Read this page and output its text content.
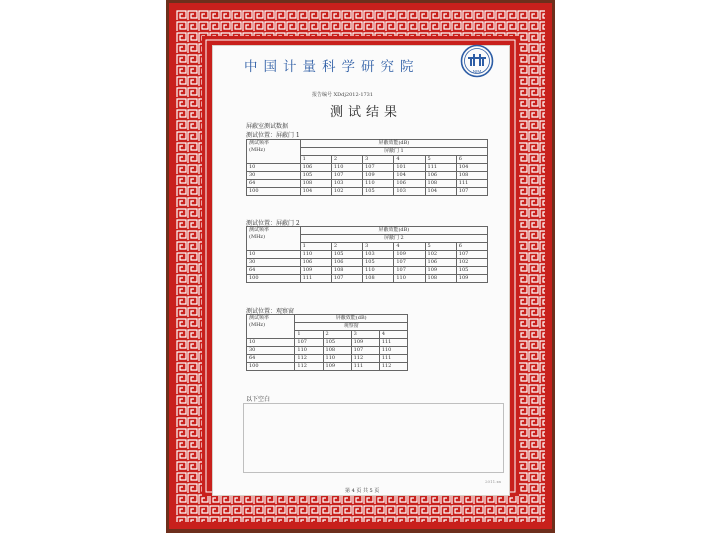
中国计量科学研究院	NIM
报告编号 XDdj2012-1731
测试结果
屏蔽室测试数据
测试位置：屏蔽门 1
测试频率
(MHz)	屏蔽效能(dB)					
	屏蔽门 1					
	1	2	3	4	5	6
10	106	110	107	101	111	104
30	105	107	109	104	106	108
64	108	103	110	106	108	111
100	104	102	105	103	104	107
测试位置：屏蔽门 2
测试频率
(MHz)	屏蔽效能(dB)					
	屏蔽门 2					
	1	2	3	4	5	6
10	110	105	103	109	102	107
30	106	106	105	107	106	102
64	109	108	110	107	109	105
100	111	107	108	110	108	109
测试位置：观察窗
测试频率
(MHz)	屏蔽效能(dB)			
	观察窗			
	1	2	3	4
10	107	105	109	111
30	110	108	107	110
64	112	110	112	111
100	112	109	111	112
以下空白
2011.xx
第 4 页 共 5 页
